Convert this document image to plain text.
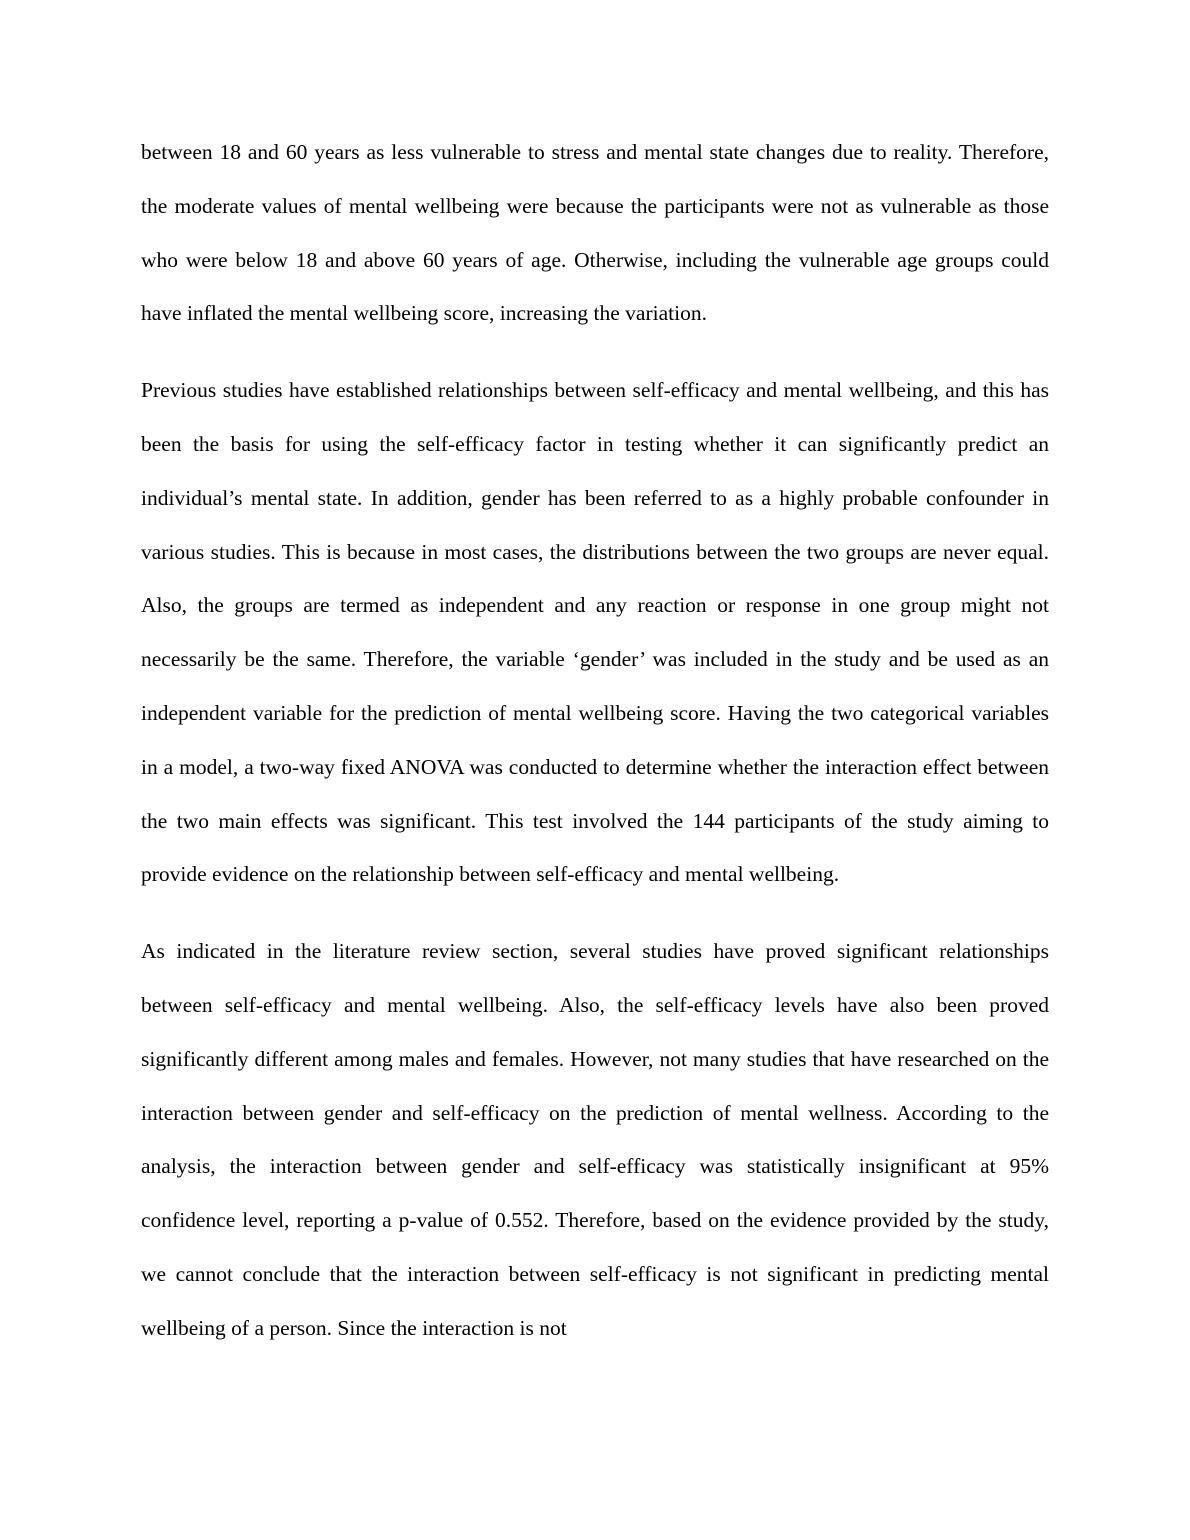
between 18 and 60 years as less vulnerable to stress and mental state changes due to reality. Therefore, the moderate values of mental wellbeing were because the participants were not as vulnerable as those who were below 18 and above 60 years of age. Otherwise, including the vulnerable age groups could have inflated the mental wellbeing score, increasing the variation.

Previous studies have established relationships between self-efficacy and mental wellbeing, and this has been the basis for using the self-efficacy factor in testing whether it can significantly predict an individual’s mental state. In addition, gender has been referred to as a highly probable confounder in various studies. This is because in most cases, the distributions between the two groups are never equal. Also, the groups are termed as independent and any reaction or response in one group might not necessarily be the same. Therefore, the variable ‘gender’ was included in the study and be used as an independent variable for the prediction of mental wellbeing score. Having the two categorical variables in a model, a two-way fixed ANOVA was conducted to determine whether the interaction effect between the two main effects was significant. This test involved the 144 participants of the study aiming to provide evidence on the relationship between self-efficacy and mental wellbeing.

As indicated in the literature review section, several studies have proved significant relationships between self-efficacy and mental wellbeing. Also, the self-efficacy levels have also been proved significantly different among males and females. However, not many studies that have researched on the interaction between gender and self-efficacy on the prediction of mental wellness. According to the analysis, the interaction between gender and self-efficacy was statistically insignificant at 95% confidence level, reporting a p-value of 0.552. Therefore, based on the evidence provided by the study, we cannot conclude that the interaction between self-efficacy is not significant in predicting mental wellbeing of a person. Since the interaction is not
